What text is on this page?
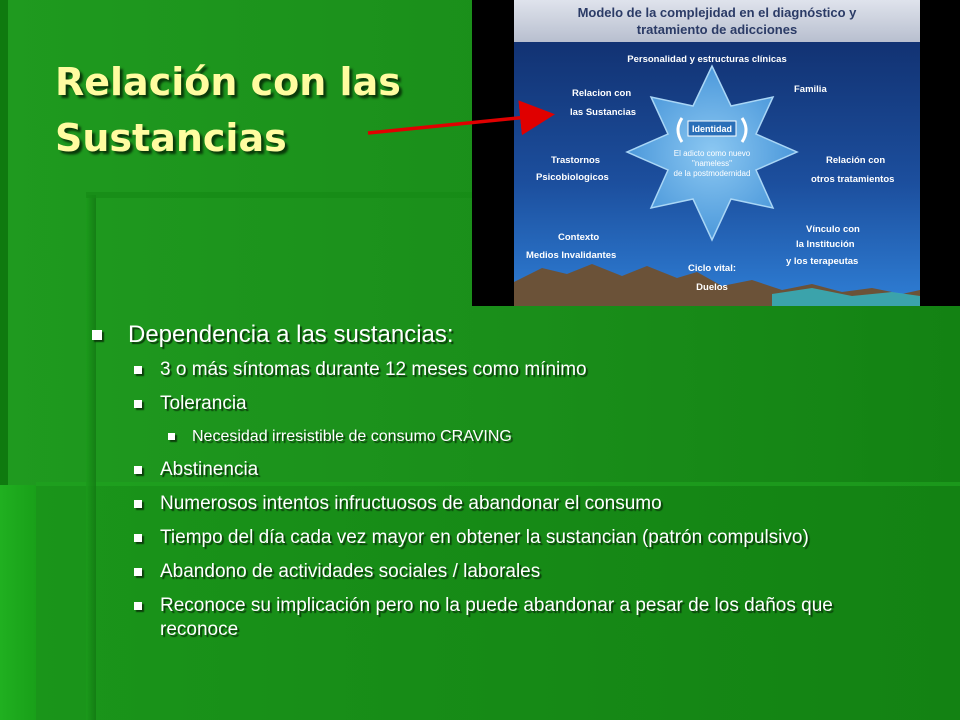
Relación con las Sustancias
Modelo de la complejidad en el diagnóstico y
tratamiento de adicciones
Identidad
El adicto como nuevo
"nameless"
de la postmodernidad
Personalidad y estructuras clínicas
Relacion con
las Sustancias
Trastornos
Psicobiologicos
Contexto
Medios Invalidantes
Familia
Relación con
otros tratamientos
Vínculo con
la Institución
y los terapeutas
Ciclo vital:
Duelos
Dependencia a las sustancias:
3 o más síntomas durante 12 meses como mínimo
Tolerancia
Necesidad irresistible de consumo CRAVING
Abstinencia
Numerosos intentos infructuosos de abandonar el consumo
Tiempo del día cada vez mayor en obtener la sustancian (patrón compulsivo)
Abandono de actividades sociales / laborales
Reconoce su implicación pero no la puede abandonar a pesar de los daños que reconoce
